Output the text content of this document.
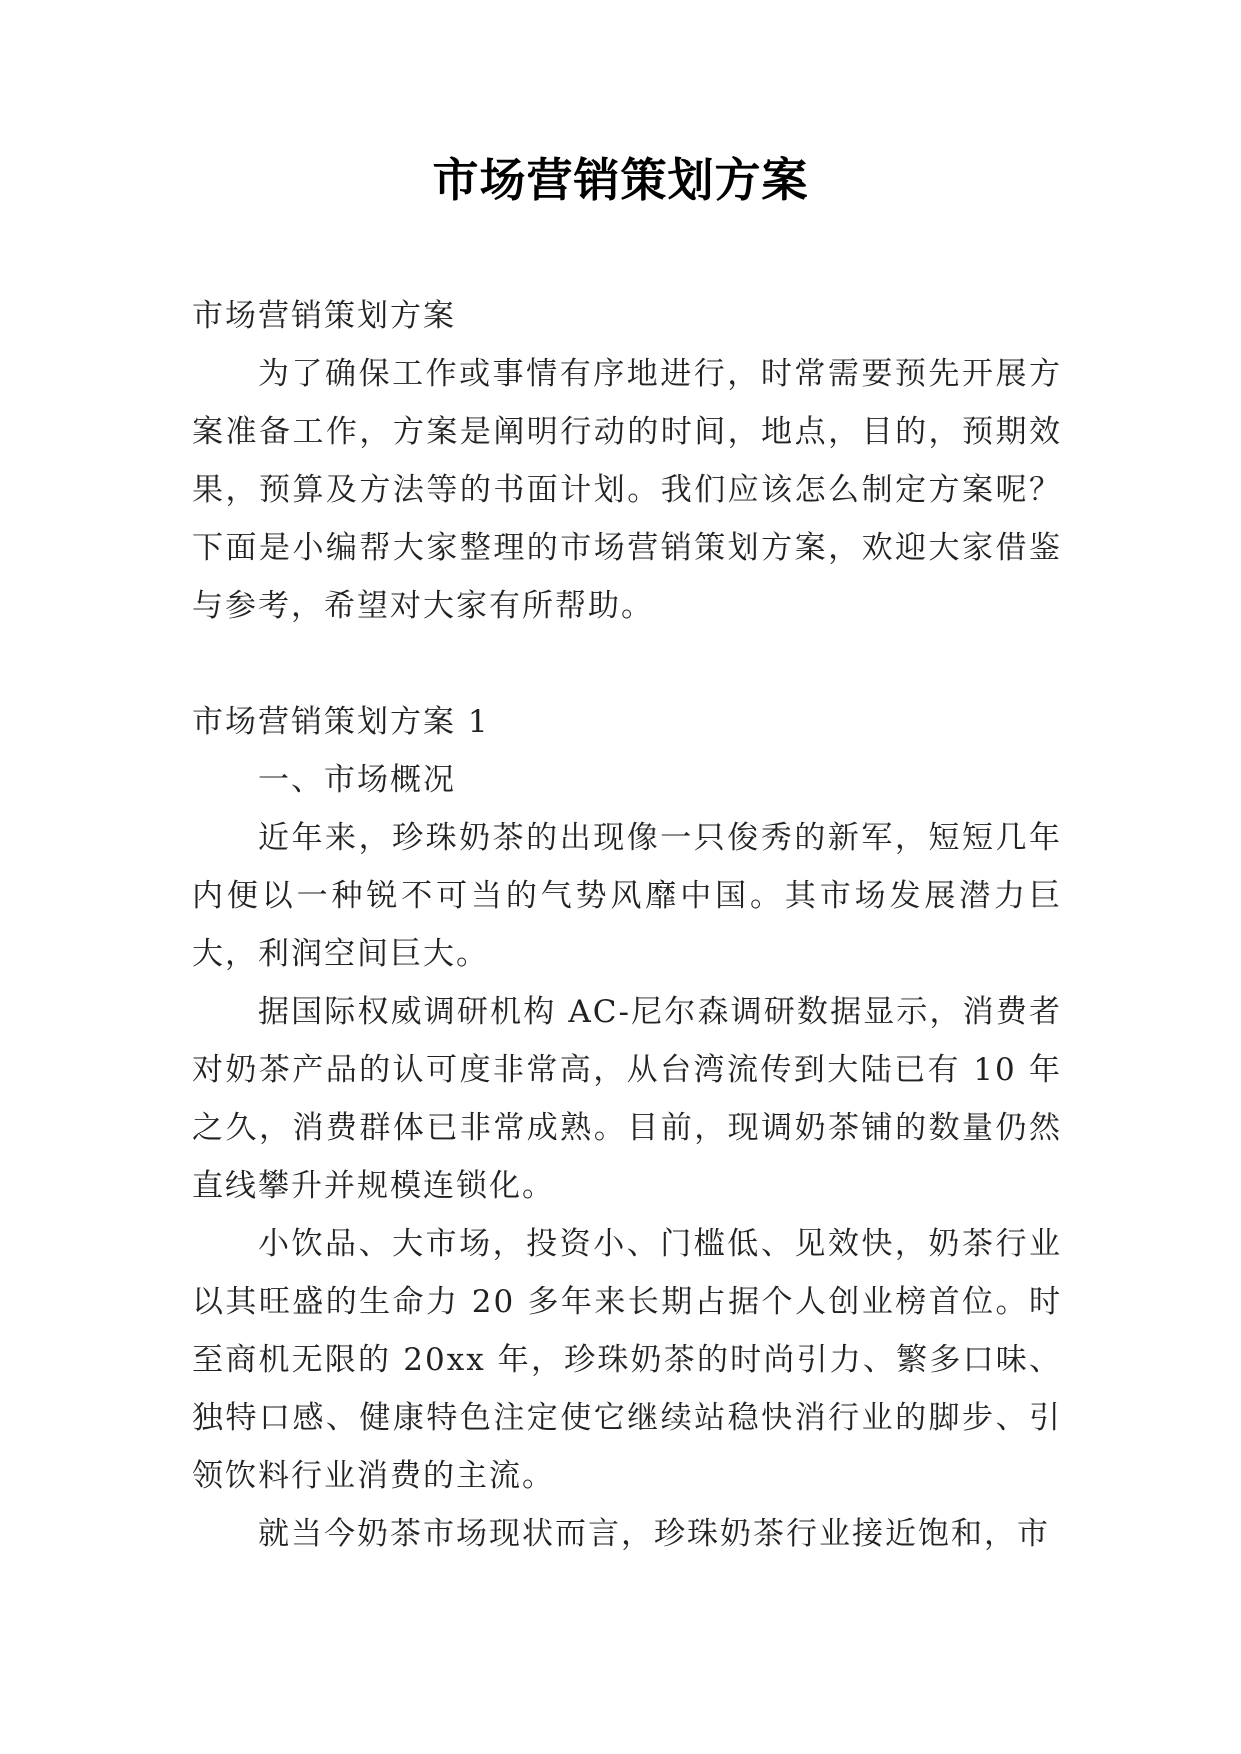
市场营销策划方案

市场营销策划方案

为了确保工作或事情有序地进行，时常需要预先开展方案准备工作，方案是阐明行动的时间，地点，目的，预期效果，预算及方法等的书面计划。我们应该怎么制定方案呢？下面是小编帮大家整理的市场营销策划方案，欢迎大家借鉴与参考，希望对大家有所帮助。

市场营销策划方案 1

一、市场概况

近年来，珍珠奶茶的出现像一只俊秀的新军，短短几年内便以一种锐不可当的气势风靡中国。其市场发展潜力巨大，利润空间巨大。

据国际权威调研机构 AC-尼尔森调研数据显示，消费者对奶茶产品的认可度非常高，从台湾流传到大陆已有 10 年之久，消费群体已非常成熟。目前，现调奶茶铺的数量仍然直线攀升并规模连锁化。

小饮品、大市场，投资小、门槛低、见效快，奶茶行业以其旺盛的生命力 20 多年来长期占据个人创业榜首位。时至商机无限的 20xx 年，珍珠奶茶的时尚引力、繁多口味、独特口感、健康特色注定使它继续站稳快消行业的脚步、引领饮料行业消费的主流。

就当今奶茶市场现状而言，珍珠奶茶行业接近饱和，市
